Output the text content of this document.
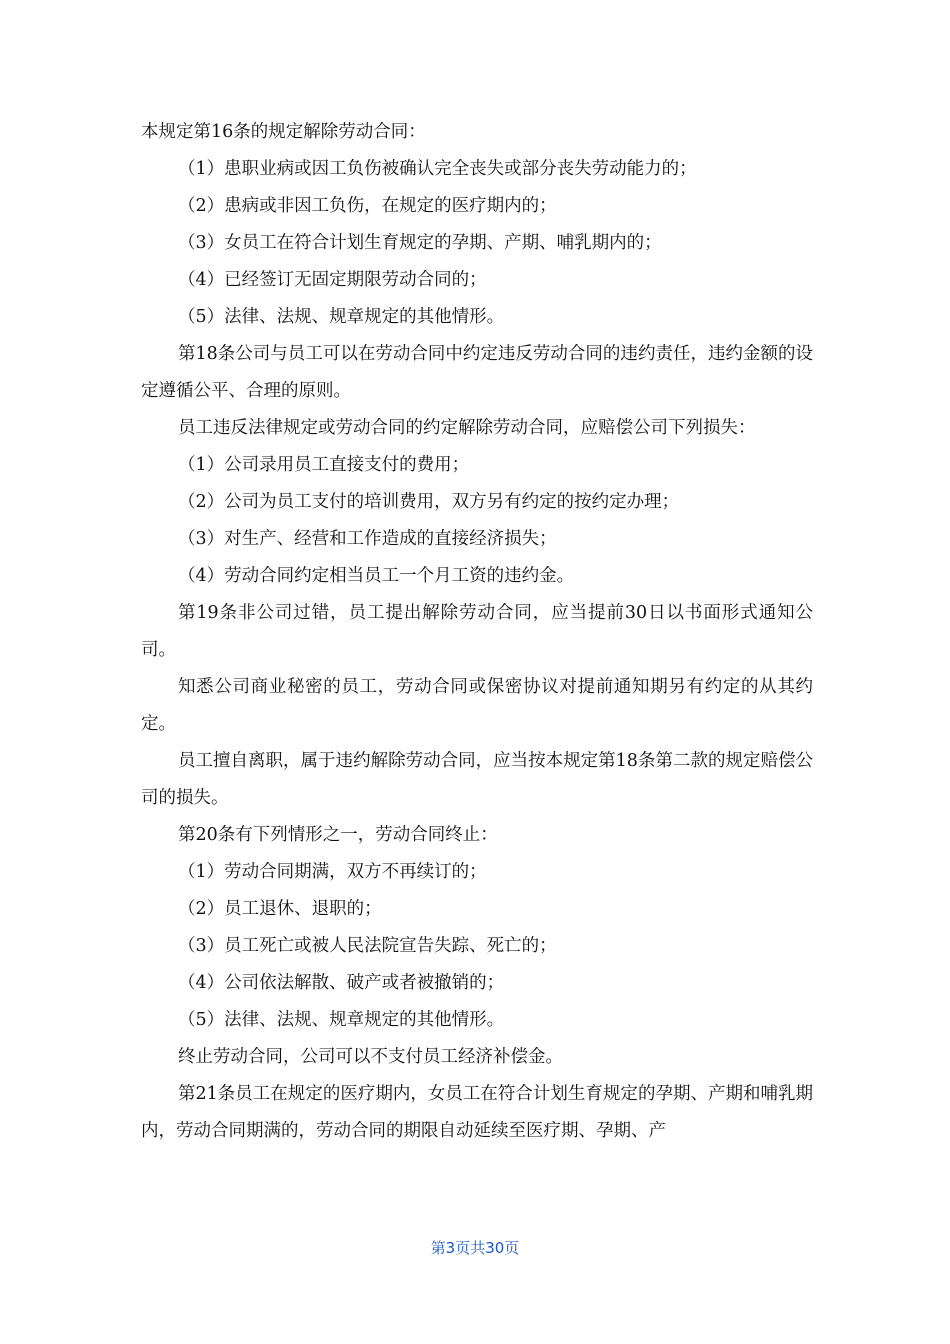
本规定第16条的规定解除劳动合同：

（1）患职业病或因工负伤被确认完全丧失或部分丧失劳动能力的；

（2）患病或非因工负伤，在规定的医疗期内的；

（3）女员工在符合计划生育规定的孕期、产期、哺乳期内的；

（4）已经签订无固定期限劳动合同的；

（5）法律、法规、规章规定的其他情形。

第18条公司与员工可以在劳动合同中约定违反劳动合同的违约责任，违约金额的设定遵循公平、合理的原则。

员工违反法律规定或劳动合同的约定解除劳动合同，应赔偿公司下列损失：

（1）公司录用员工直接支付的费用；

（2）公司为员工支付的培训费用，双方另有约定的按约定办理；

（3）对生产、经营和工作造成的直接经济损失；

（4）劳动合同约定相当员工一个月工资的违约金。

第19条非公司过错，员工提出解除劳动合同，应当提前30日以书面形式通知公司。

知悉公司商业秘密的员工，劳动合同或保密协议对提前通知期另有约定的从其约定。

员工擅自离职，属于违约解除劳动合同，应当按本规定第18条第二款的规定赔偿公司的损失。

第20条有下列情形之一，劳动合同终止：

（1）劳动合同期满，双方不再续订的；

（2）员工退休、退职的；

（3）员工死亡或被人民法院宣告失踪、死亡的；

（4）公司依法解散、破产或者被撤销的；

（5）法律、法规、规章规定的其他情形。

终止劳动合同，公司可以不支付员工经济补偿金。

第21条员工在规定的医疗期内，女员工在符合计划生育规定的孕期、产期和哺乳期内，劳动合同期满的，劳动合同的期限自动延续至医疗期、孕期、产

第3页共30页
